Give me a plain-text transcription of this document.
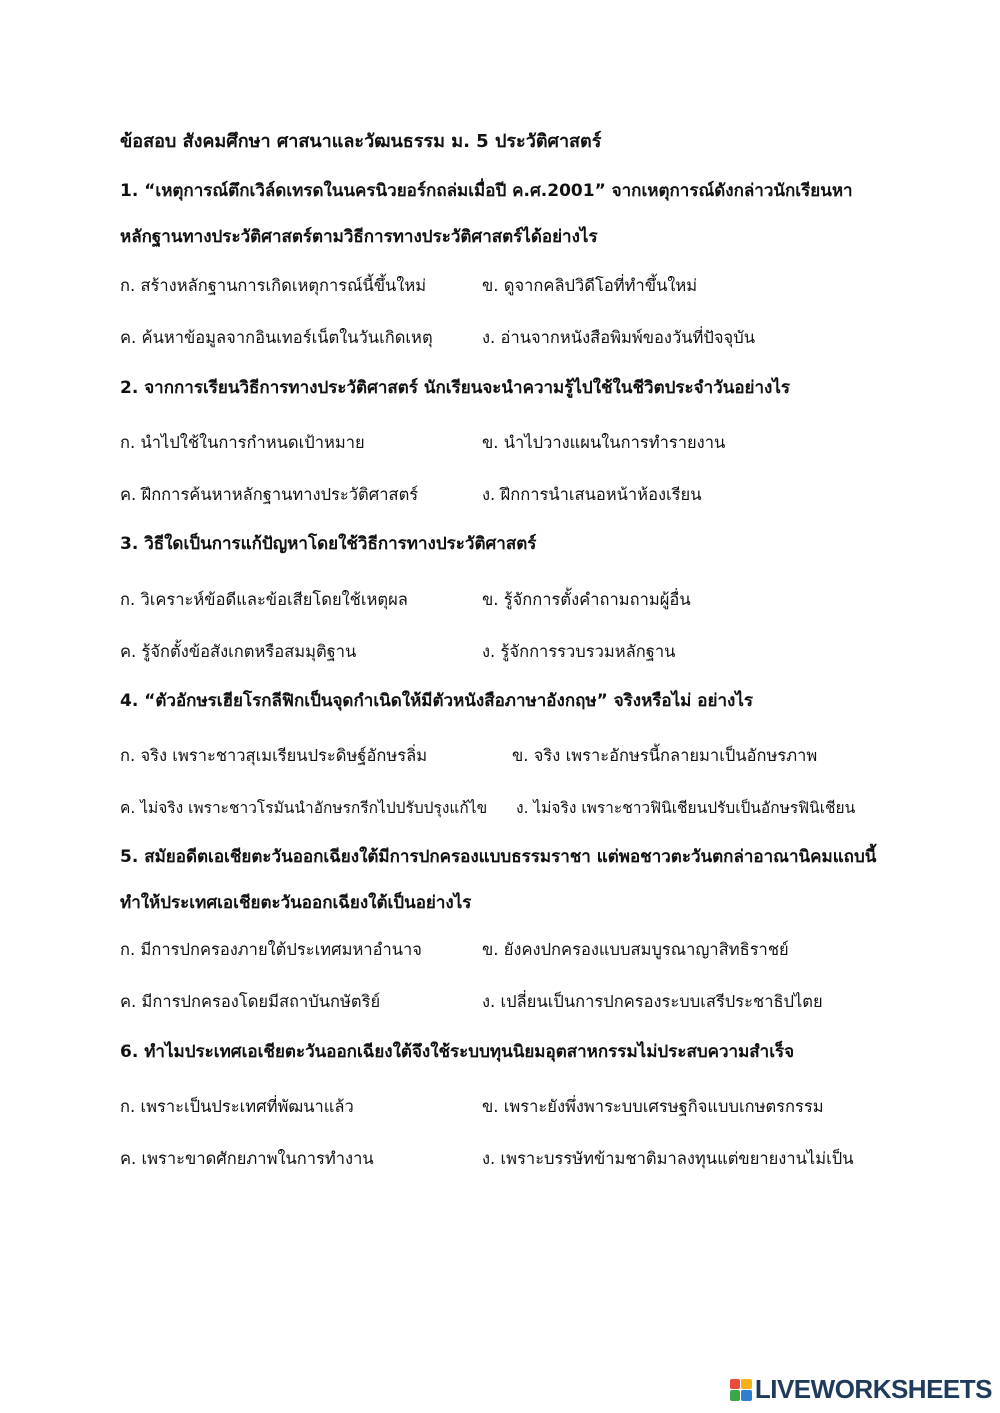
ข้อสอบ สังคมศึกษา ศาสนาและวัฒนธรรม ม. 5 ประวัติศาสตร์
1. “เหตุการณ์ตึกเวิล์ดเทรดในนครนิวยอร์กถล่มเมื่อปี ค.ศ.2001” จากเหตุการณ์ดังกล่าวนักเรียนหา
หลักฐานทางประวัติศาสตร์ตามวิธีการทางประวัติศาสตร์ได้อย่างไร
ก. สร้างหลักฐานการเกิดเหตุการณ์นี้ขึ้นใหม่	ข. ดูจากคลิปวิดีโอที่ทำขึ้นใหม่
ค. ค้นหาข้อมูลจากอินเทอร์เน็ตในวันเกิดเหตุ	ง. อ่านจากหนังสือพิมพ์ของวันที่ปัจจุบัน
2. จากการเรียนวิธีการทางประวัติศาสตร์ นักเรียนจะนำความรู้ไปใช้ในชีวิตประจำวันอย่างไร
ก. นำไปใช้ในการกำหนดเป้าหมาย	ข. นำไปวางแผนในการทำรายงาน
ค. ฝึกการค้นหาหลักฐานทางประวัติศาสตร์	ง. ฝึกการนำเสนอหน้าห้องเรียน
3. วิธีใดเป็นการแก้ปัญหาโดยใช้วิธีการทางประวัติศาสตร์
ก. วิเคราะห์ข้อดีและข้อเสียโดยใช้เหตุผล	ข. รู้จักการตั้งคำถามถามผู้อื่น
ค. รู้จักตั้งข้อสังเกตหรือสมมุติฐาน	ง. รู้จักการรวบรวมหลักฐาน
4. “ตัวอักษรเฮียโรกลีฟิกเป็นจุดกำเนิดให้มีตัวหนังสือภาษาอังกฤษ” จริงหรือไม่ อย่างไร
ก. จริง เพราะชาวสุเมเรียนประดิษฐ์อักษรลิ่ม	ข. จริง เพราะอักษรนี้กลายมาเป็นอักษรภาพ
ค. ไม่จริง เพราะชาวโรมันนำอักษรกรีกไปปรับปรุงแก้ไข ง. ไม่จริง เพราะชาวฟินิเชียนปรับเป็นอักษรฟินิเชียน
5. สมัยอดีตเอเชียตะวันออกเฉียงใต้มีการปกครองแบบธรรมราชา แต่พอชาวตะวันตกล่าอาณานิคมแถบนี้
ทำให้ประเทศเอเชียตะวันออกเฉียงใต้เป็นอย่างไร
ก. มีการปกครองภายใต้ประเทศมหาอำนาจ	ข. ยังคงปกครองแบบสมบูรณาญาสิทธิราชย์
ค. มีการปกครองโดยมีสถาบันกษัตริย์	ง. เปลี่ยนเป็นการปกครองระบบเสรีประชาธิปไตย
6. ทำไมประเทศเอเชียตะวันออกเฉียงใต้จึงใช้ระบบทุนนิยมอุตสาหกรรมไม่ประสบความสำเร็จ
ก. เพราะเป็นประเทศที่พัฒนาแล้ว	ข. เพราะยังพึ่งพาระบบเศรษฐกิจแบบเกษตรกรรม
ค. เพราะขาดศักยภาพในการทำงาน	ง. เพราะบรรษัทข้ามชาติมาลงทุนแต่ขยายงานไม่เป็น
LIVEWORKSHEETS
